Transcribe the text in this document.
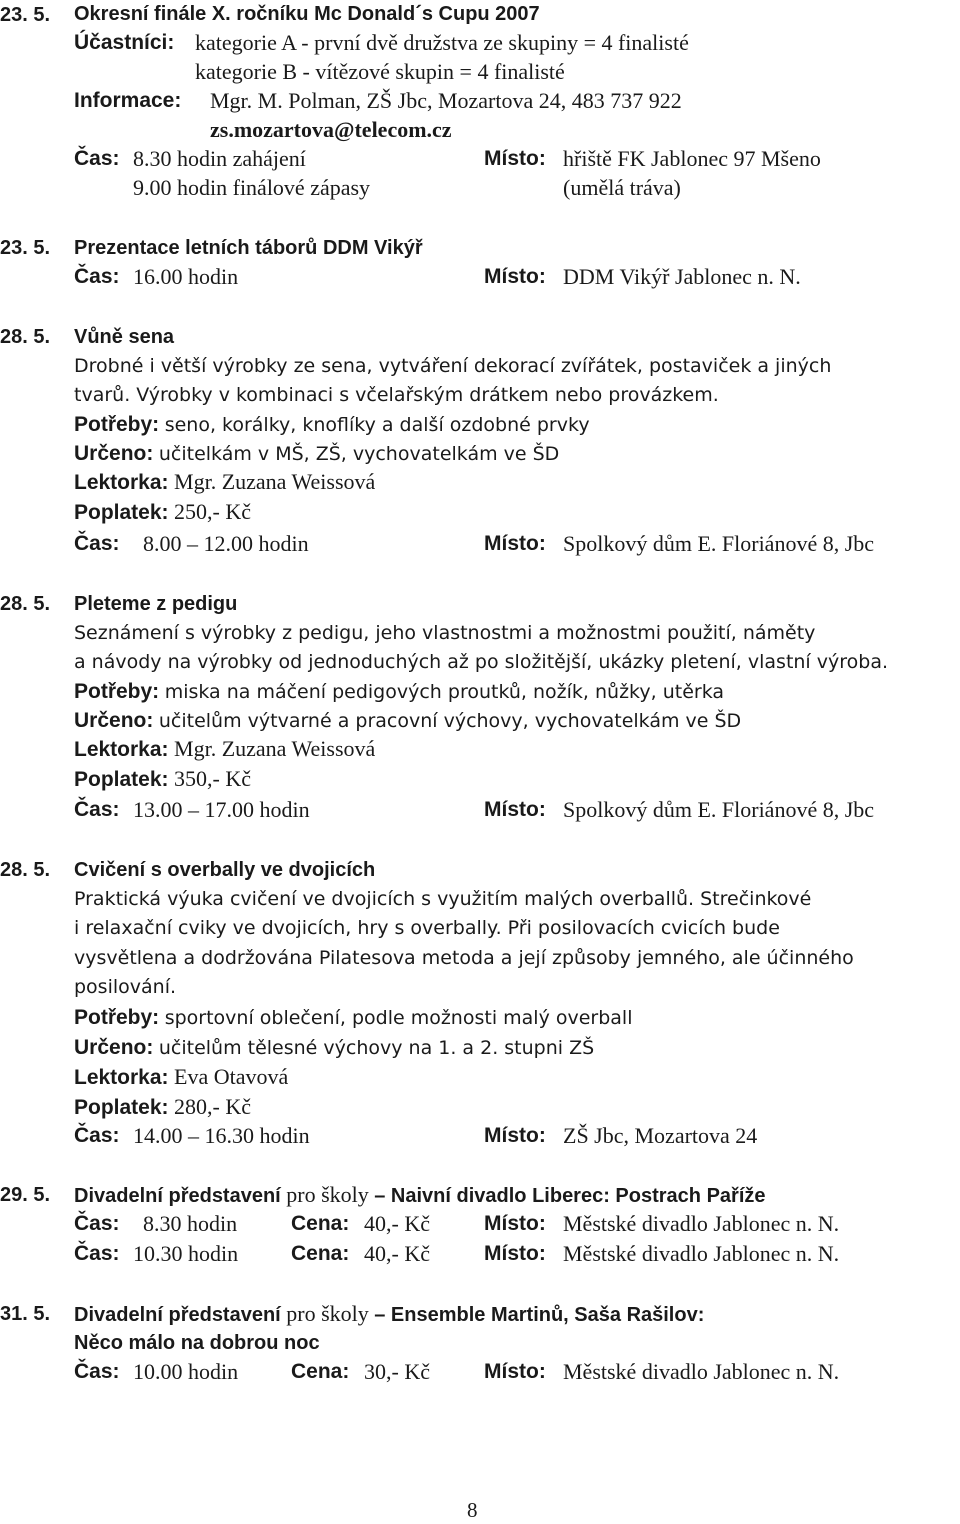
23. 5. Okresní finále X. ročníku Mc Donald´s Cupu 2007
Účastníci: kategorie A - první dvě družstva ze skupiny = 4 finalisté
kategorie B - vítězové skupin = 4 finalisté
Informace: Mgr. M. Polman, ZŠ Jbc, Mozartova 24, 483 737 922
zs.mozartova@telecom.cz
Čas: 8.30 hodin zahájení	Místo: hřiště FK Jablonec 97 Mšeno
9.00 hodin finálové zápasy	(umělá tráva)
23. 5. Prezentace letních táborů DDM Vikýř
Čas: 16.00 hodin	Místo: DDM Vikýř Jablonec n. N.
28. 5. Vůně sena
Drobné i větší výrobky ze sena, vytváření dekorací zvířátek, postaviček a jiných
tvarů. Výrobky v kombinaci s včelařským drátkem nebo provázkem.
Potřeby: seno, korálky, knoflíky a další ozdobné prvky
Určeno: učitelkám v MŠ, ZŠ, vychovatelkám ve ŠD
Lektorka: Mgr. Zuzana Weissová
Poplatek: 250,- Kč
Čas: 8.00 – 12.00 hodin	Místo: Spolkový dům E. Floriánové 8, Jbc
28. 5. Pleteme z pedigu
Seznámení s výrobky z pedigu, jeho vlastnostmi a možnostmi použití, náměty
a návody na výrobky od jednoduchých až po složitější, ukázky pletení, vlastní výroba.
Potřeby: miska na máčení pedigových proutků, nožík, nůžky, utěrka
Určeno: učitelům výtvarné a pracovní výchovy, vychovatelkám ve ŠD
Lektorka: Mgr. Zuzana Weissová
Poplatek: 350,- Kč
Čas: 13.00 – 17.00 hodin	Místo: Spolkový dům E. Floriánové 8, Jbc
28. 5. Cvičení s overbally ve dvojicích
Praktická výuka cvičení ve dvojicích s využitím malých overballů. Strečinkové
i relaxační cviky ve dvojicích, hry s overbally. Při posilovacích cvicích bude
vysvětlena a dodržována Pilatesova metoda a její způsoby jemného, ale účinného
posilování.
Potřeby: sportovní oblečení, podle možnosti malý overball
Určeno: učitelům tělesné výchovy na 1. a 2. stupni ZŠ
Lektorka: Eva Otavová
Poplatek: 280,- Kč
Čas: 14.00 – 16.30 hodin	Místo: ZŠ Jbc, Mozartova 24
29. 5. Divadelní představení pro školy – Naivní divadlo Liberec: Postrach Paříže
Čas: 8.30 hodin	Cena: 40,- Kč	Místo: Městské divadlo Jablonec n. N.
Čas: 10.30 hodin	Cena: 40,- Kč	Místo: Městské divadlo Jablonec n. N.
31. 5. Divadelní představení pro školy – Ensemble Martinů, Saša Rašilov:
Něco málo na dobrou noc
Čas: 10.00 hodin	Cena: 30,- Kč	Místo: Městské divadlo Jablonec n. N.
8
